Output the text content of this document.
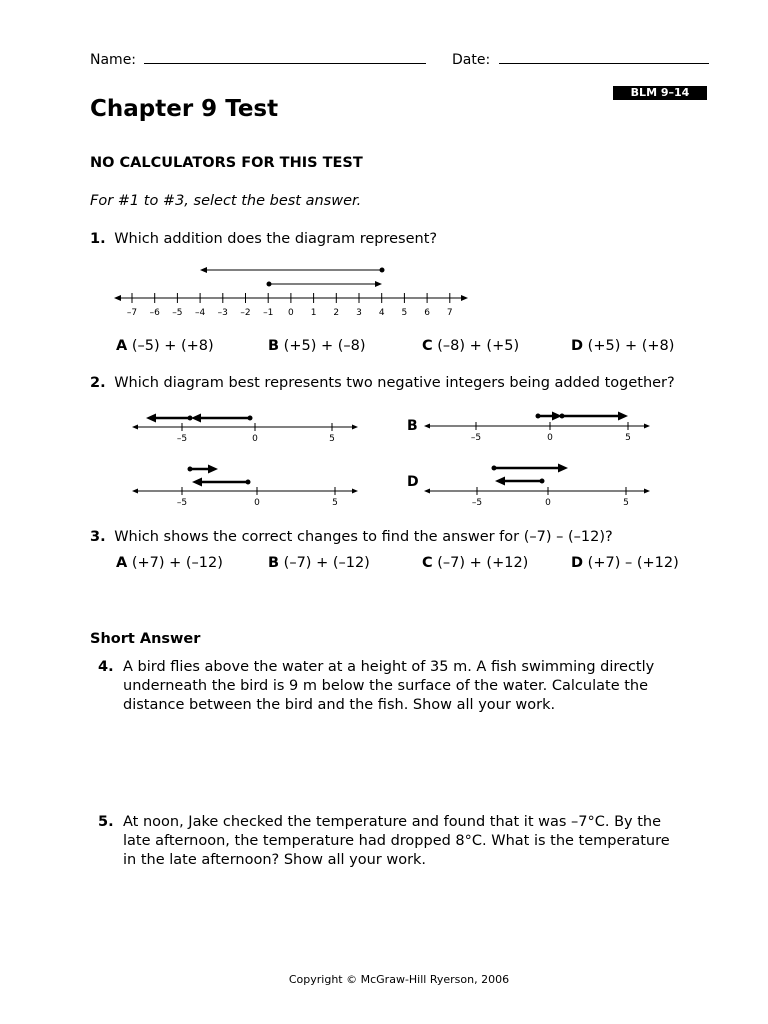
Name:	Date:
BLM 9–14
Chapter 9 Test
NO CALCULATORS FOR THIS TEST
For #1 to #3, select the best answer.
1. Which addition does the diagram represent?
–7 –6 –5 –4 –3 –2 –1 0 1 2 3 4 5 6 7
A (–5) + (+8)	B (+5) + (–8)	C (–8) + (+5)	D (+5) + (+8)
2. Which diagram best represents two negative integers being added together?
–5	0	5
B
–5	0	5
–5	0	5
D
–5	0	5
3. Which shows the correct changes to find the answer for (–7) – (–12)?
A (+7) + (–12)	B (–7) + (–12)	C (–7) + (+12)	D (+7) – (+12)
Short Answer
4. A bird flies above the water at a height of 35 m. A fish swimming directly
underneath the bird is 9 m below the surface of the water. Calculate the
distance between the bird and the fish. Show all your work.
5. At noon, Jake checked the temperature and found that it was –7°C. By the
late afternoon, the temperature had dropped 8°C. What is the temperature
in the late afternoon? Show all your work.
Copyright © McGraw-Hill Ryerson, 2006
